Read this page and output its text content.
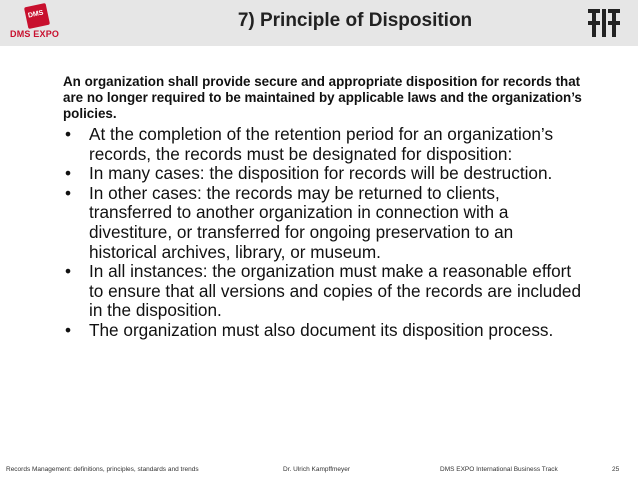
DMS
DMS EXPO
7) Principle of Disposition

An organization shall provide secure and appropriate disposition for records that are no longer required to be maintained by applicable laws and the organization’s policies.

• At the completion of the retention period for an organization’s records, the records must be designated for disposition:
• In many cases: the disposition for records will be destruction.
• In other cases: the records may be returned to clients, transferred to another organization in connection with a divestiture, or transferred for ongoing preservation to an historical archives, library, or museum.
• In all instances: the organization must make a reasonable effort to ensure that all versions and copies of the records are included in the disposition.
• The organization must also document its disposition process.
Records Management: definitions, principles, standards and trends	Dr. Ulrich Kampffmeyer	DMS EXPO International Business Track	25
